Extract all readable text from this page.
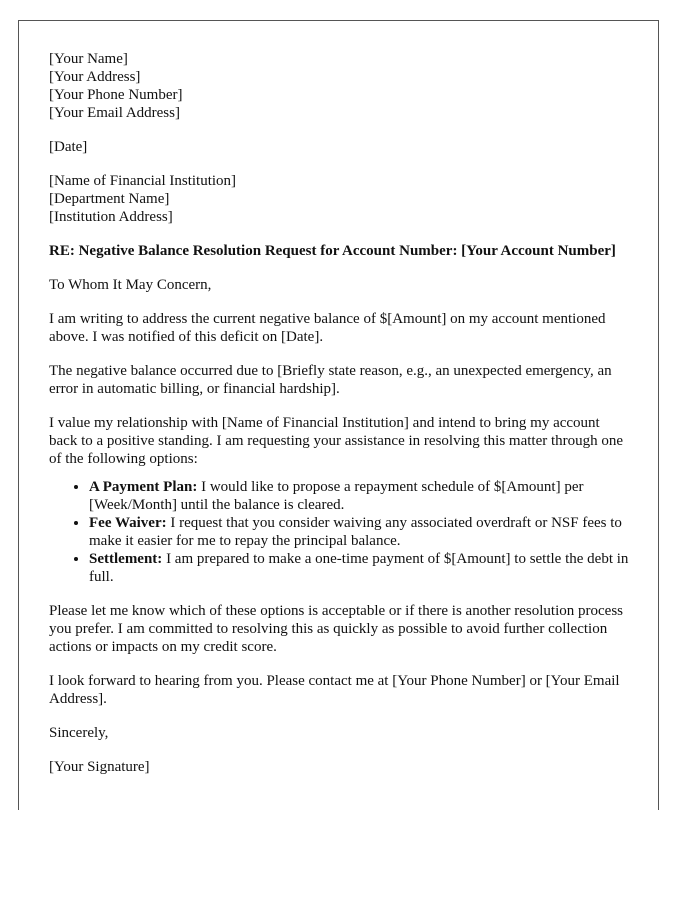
[Your Name]
[Your Address]
[Your Phone Number]
[Your Email Address]

[Date]

[Name of Financial Institution]
[Department Name]
[Institution Address]
RE: Negative Balance Resolution Request for Account Number: [Your Account Number]

To Whom It May Concern,

I am writing to address the current negative balance of $[Amount] on my account mentioned above. I was notified of this deficit on [Date].

The negative balance occurred due to [Briefly state reason, e.g., an unexpected emergency, an error in automatic billing, or financial hardship].

I value my relationship with [Name of Financial Institution] and intend to bring my account back to a positive standing. I am requesting your assistance in resolving this matter through one of the following options:

• A Payment Plan: I would like to propose a repayment schedule of $[Amount] per [Week/Month] until the balance is cleared.
• Fee Waiver: I request that you consider waiving any associated overdraft or NSF fees to make it easier for me to repay the principal balance.
• Settlement: I am prepared to make a one-time payment of $[Amount] to settle the debt in full.

Please let me know which of these options is acceptable or if there is another resolution process you prefer. I am committed to resolving this as quickly as possible to avoid further collection actions or impacts on my credit score.

I look forward to hearing from you. Please contact me at [Your Phone Number] or [Your Email Address].

Sincerely,

[Your Signature]
